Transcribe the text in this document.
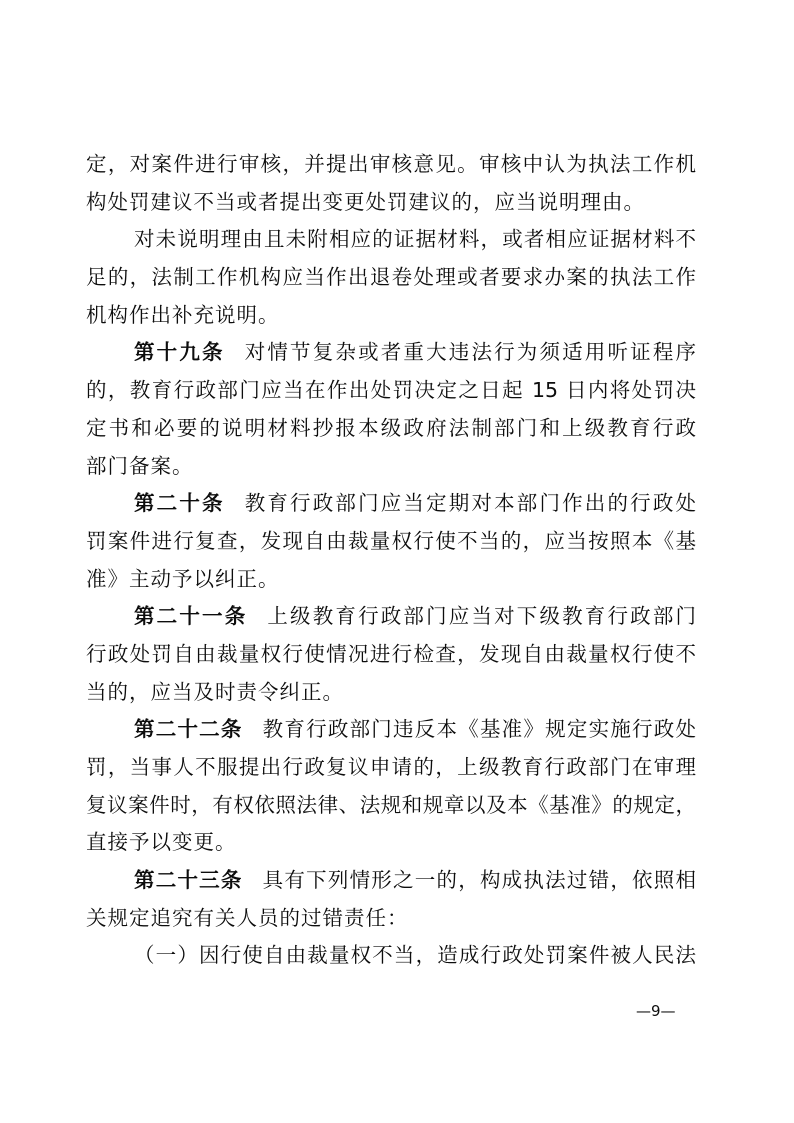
定，对案件进行审核，并提出审核意见。审核中认为执法工作机
构处罚建议不当或者提出变更处罚建议的，应当说明理由。
对未说明理由且未附相应的证据材料，或者相应证据材料不
足的，法制工作机构应当作出退卷处理或者要求办案的执法工作
机构作出补充说明。
第十九条 对情节复杂或者重大违法行为须适用听证程序
的，教育行政部门应当在作出处罚决定之日起 15 日内将处罚决
定书和必要的说明材料抄报本级政府法制部门和上级教育行政
部门备案。
第二十条 教育行政部门应当定期对本部门作出的行政处
罚案件进行复查，发现自由裁量权行使不当的，应当按照本《基
准》主动予以纠正。
第二十一条 上级教育行政部门应当对下级教育行政部门
行政处罚自由裁量权行使情况进行检查，发现自由裁量权行使不
当的，应当及时责令纠正。
第二十二条 教育行政部门违反本《基准》规定实施行政处
罚，当事人不服提出行政复议申请的，上级教育行政部门在审理
复议案件时，有权依照法律、法规和规章以及本《基准》的规定，
直接予以变更。
第二十三条 具有下列情形之一的，构成执法过错，依照相
关规定追究有关人员的过错责任：
（一）因行使自由裁量权不当，造成行政处罚案件被人民法
—9—
